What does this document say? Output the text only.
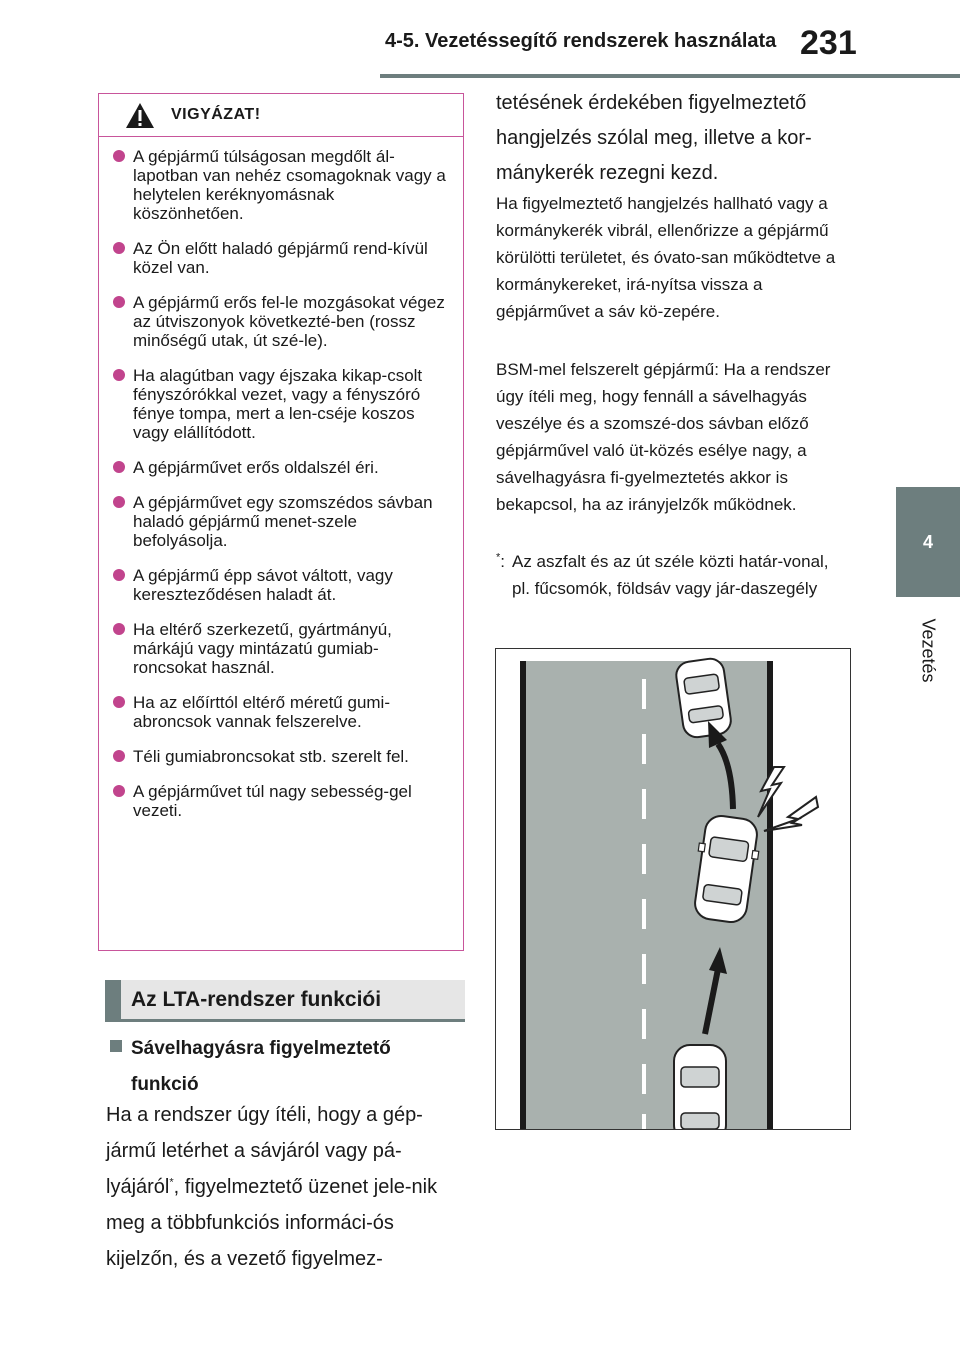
4-5. Vezetéssegítő rendszerek használata 231
4
Vezetés
VIGYÁZAT!
A gépjármű túlságosan megdőlt ál-lapotban van nehéz csomagoknak vagy a helytelen keréknyomásnak köszönhetően.
Az Ön előtt haladó gépjármű rend-kívül közel van.
A gépjármű erős fel-le mozgásokat végez az útviszonyok következté-ben (rossz minőségű utak, út szé-le).
Ha alagútban vagy éjszaka kikap-csolt fényszórókkal vezet, vagy a fényszóró fénye tompa, mert a len-cséje koszos vagy elállítódott.
A gépjárművet erős oldalszél éri.
A gépjárművet egy szomszédos sávban haladó gépjármű menet-szele befolyásolja.
A gépjármű épp sávot váltott, vagy kereszteződésen haladt át.
Ha eltérő szerkezetű, gyártmányú, márkájú vagy mintázatú gumiab-roncsokat használ.
Ha az előírttól eltérő méretű gumi-abroncsok vannak felszerelve.
Téli gumiabroncsokat stb. szerelt fel.
A gépjárművet túl nagy sebesség-gel vezeti.
Az LTA-rendszer funkciói
Sávelhagyásra figyelmeztető funkció
Ha a rendszer úgy ítéli, hogy a gép-jármű letérhet a sávjáról vagy pá-lyájáról*, figyelmeztető üzenet jele-nik meg a többfunkciós informáci-ós kijelzőn, és a vezető figyelmez-
tetésének érdekében figyelmeztető hangjelzés szólal meg, illetve a kor-mánykerék rezegni kezd.
Ha figyelmeztető hangjelzés hallható vagy a kormánykerék vibrál, ellenőrizze a gépjármű körülötti területet, és óvato-san működtetve a kormánykereket, irá-nyítsa vissza a gépjárművet a sáv kö-zepére.
BSM-mel felszerelt gépjármű: Ha a rendszer úgy ítéli meg, hogy fennáll a sávelhagyás veszélye és a szomszé-dos sávban előző gépjárművel való üt-közés esélye nagy, a sávelhagyásra fi-gyelmeztetés akkor is bekapcsol, ha az irányjelzők működnek.
*: Az aszfalt és az út széle közti határ-vonal, pl. fűcsomók, földsáv vagy jár-daszegély
